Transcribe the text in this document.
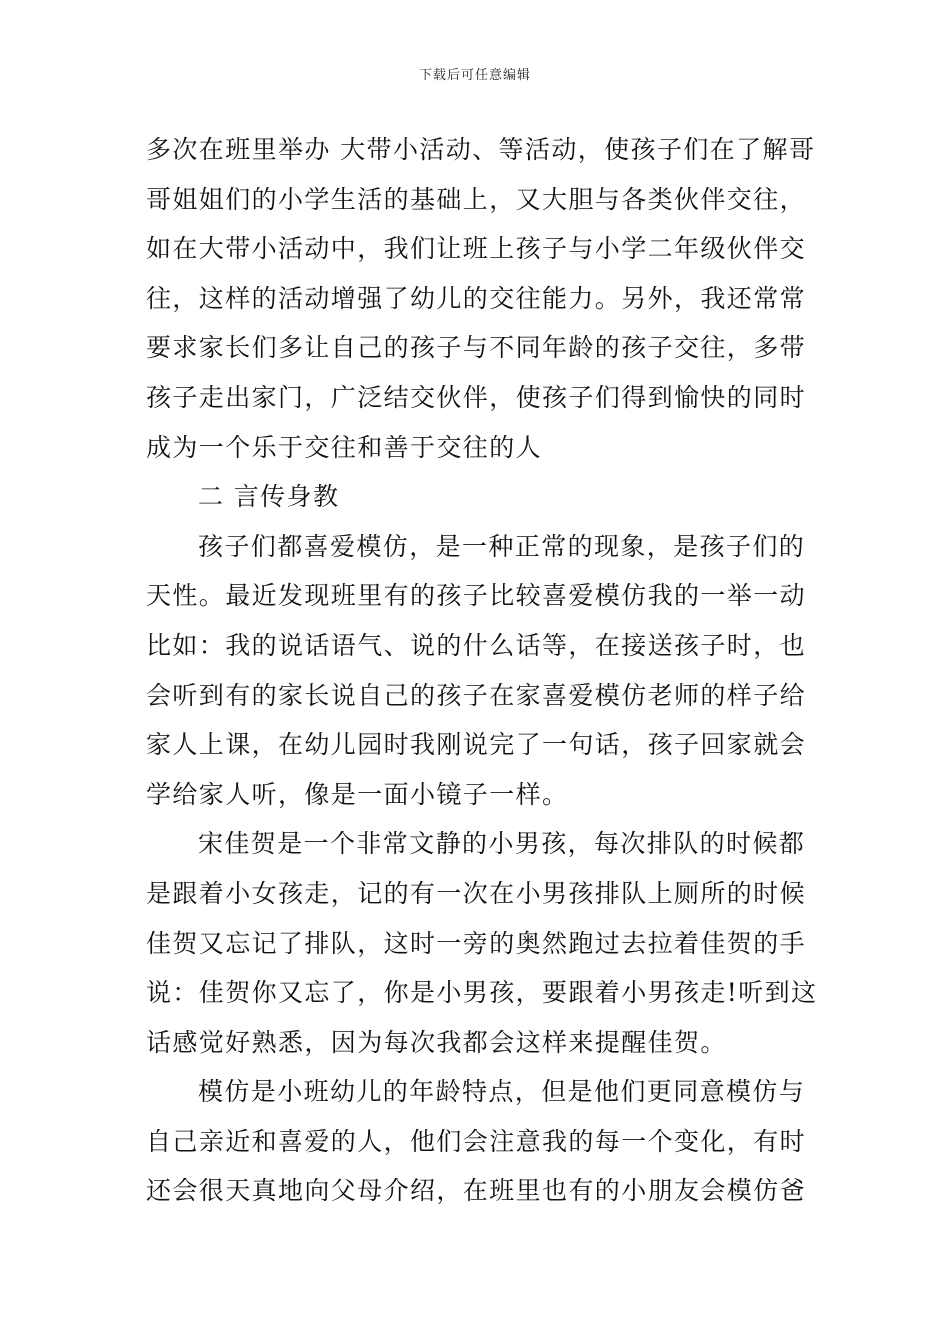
下载后可任意编辑
多次在班里举办 大带小活动、等活动，使孩子们在了解哥
哥姐姐们的小学生活的基础上，又大胆与各类伙伴交往，
如在大带小活动中，我们让班上孩子与小学二年级伙伴交
往，这样的活动增强了幼儿的交往能力。另外，我还常常
要求家长们多让自己的孩子与不同年龄的孩子交往，多带
孩子走出家门，广泛结交伙伴，使孩子们得到愉快的同时
成为一个乐于交往和善于交往的人
二 言传身教
孩子们都喜爱模仿，是一种正常的现象，是孩子们的
天性。最近发现班里有的孩子比较喜爱模仿我的一举一动
比如：我的说话语气、说的什么话等，在接送孩子时，也
会听到有的家长说自己的孩子在家喜爱模仿老师的样子给
家人上课，在幼儿园时我刚说完了一句话，孩子回家就会
学给家人听，像是一面小镜子一样。
宋佳贺是一个非常文静的小男孩，每次排队的时候都
是跟着小女孩走，记的有一次在小男孩排队上厕所的时候
佳贺又忘记了排队，这时一旁的奥然跑过去拉着佳贺的手
说：佳贺你又忘了，你是小男孩，要跟着小男孩走!听到这
话感觉好熟悉，因为每次我都会这样来提醒佳贺。
模仿是小班幼儿的年龄特点，但是他们更同意模仿与
自己亲近和喜爱的人，他们会注意我的每一个变化，有时
还会很天真地向父母介绍，在班里也有的小朋友会模仿爸
